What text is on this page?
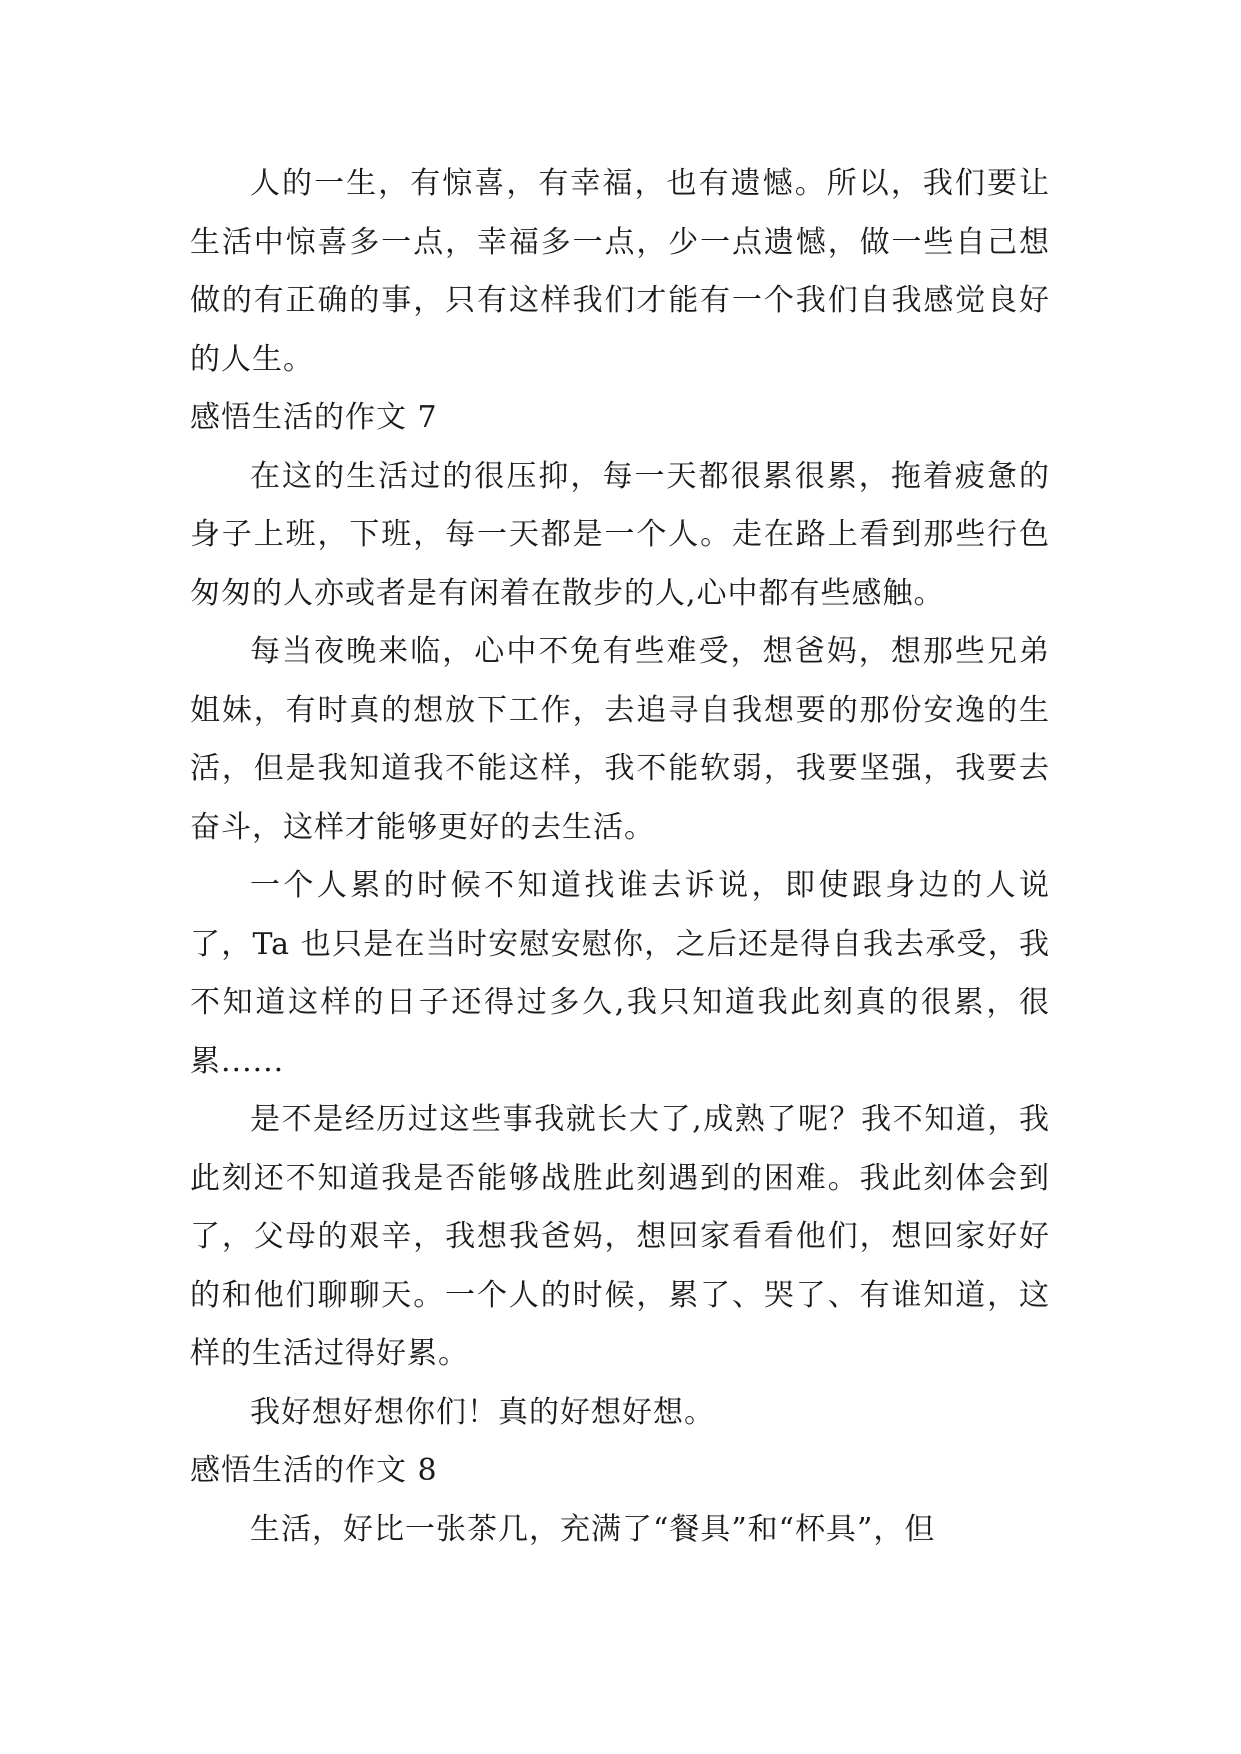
人的一生，有惊喜，有幸福，也有遗憾。所以，我们要让生活中惊喜多一点，幸福多一点，少一点遗憾，做一些自己想做的有正确的事，只有这样我们才能有一个我们自我感觉良好的人生。

感悟生活的作文 7

在这的生活过的很压抑，每一天都很累很累，拖着疲惫的身子上班，下班，每一天都是一个人。走在路上看到那些行色匆匆的人亦或者是有闲着在散步的人,心中都有些感触。

每当夜晚来临，心中不免有些难受，想爸妈，想那些兄弟姐妹，有时真的想放下工作，去追寻自我想要的那份安逸的生活，但是我知道我不能这样，我不能软弱，我要坚强，我要去奋斗，这样才能够更好的去生活。

一个人累的时候不知道找谁去诉说，即使跟身边的人说了，Ta 也只是在当时安慰安慰你，之后还是得自我去承受，我不知道这样的日子还得过多久,我只知道我此刻真的很累，很累......

是不是经历过这些事我就长大了,成熟了呢？我不知道，我此刻还不知道我是否能够战胜此刻遇到的困难。我此刻体会到了，父母的艰辛，我想我爸妈，想回家看看他们，想回家好好的和他们聊聊天。一个人的时候，累了、哭了、有谁知道，这样的生活过得好累。

我好想好想你们！真的好想好想。

感悟生活的作文 8

生活，好比一张茶几，充满了“餐具”和“杯具”，但
